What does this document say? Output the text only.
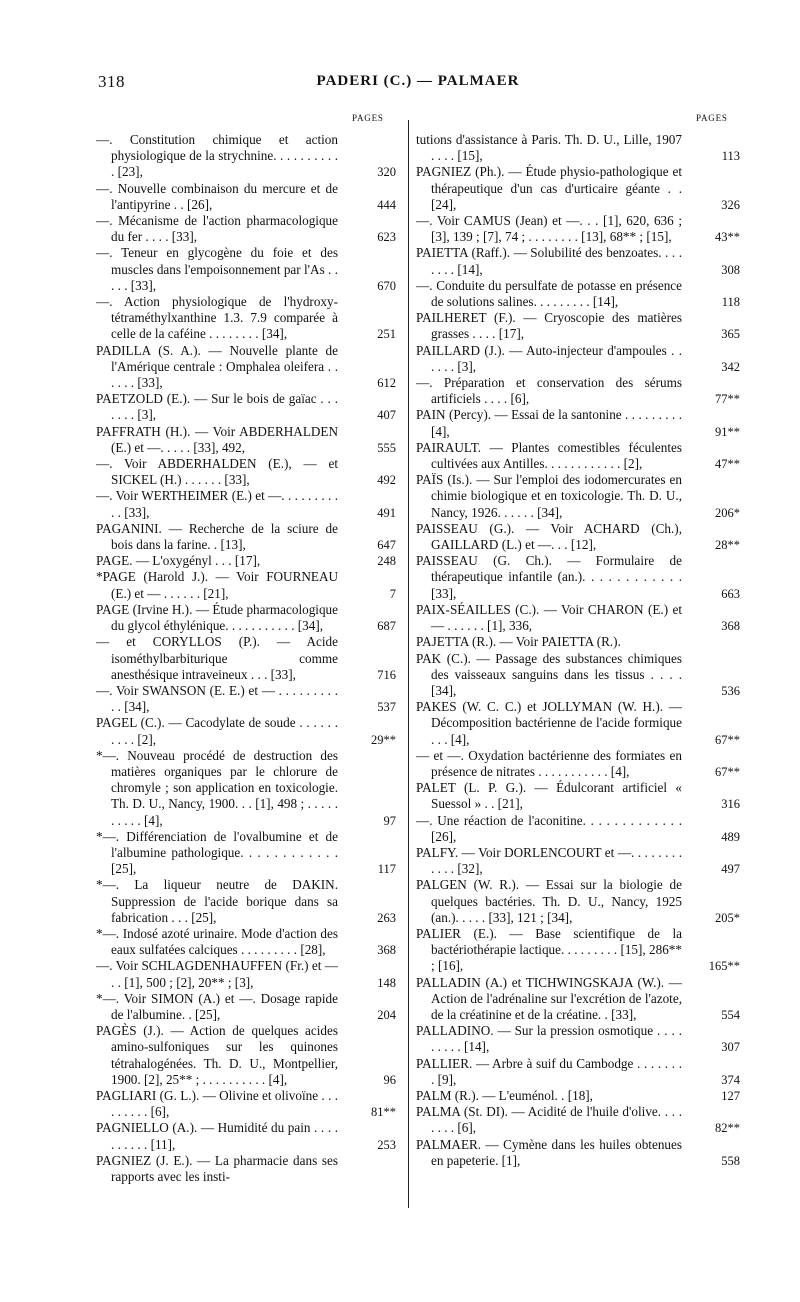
318	PADERI (C.) — PALMAER
PAGES	PAGES
—. Constitution chimique et action physiologique de la strychnine. . . . . . . . . . . [23],	320
—. Nouvelle combinaison du mercure et de l'antipyrine . . [26],	444
—. Mécanisme de l'action pharmacologique du fer . . . . [33],	623
—. Teneur en glycogène du foie et des muscles dans l'empoisonnement par l'As . . . . . [33],	670
—. Action physiologique de l'hydroxy-tétraméthylxanthine 1.3. 7.9 comparée à celle de la caféine . . . . . . . . [34],	251
PADILLA (S. A.). — Nouvelle plante de l'Amérique centrale : Omphalea oleifera . . . . . . [33],	612
PAETZOLD (E.). — Sur le bois de gaïac . . . . . . . [3],	407
PAFFRATH (H.). — Voir ABDERHALDEN (E.) et —. . . . . [33], 492,	555
—. Voir ABDERHALDEN (E.), — et SICKEL (H.) . . . . . . [33],	492
—. Voir WERTHEIMER (E.) et —. . . . . . . . . . . [33],	491
PAGANINI. — Recherche de la sciure de bois dans la farine. . [13],	647
PAGE. — L'oxygényl . . . [17],	248
*PAGE (Harold J.). — Voir FOURNEAU (E.) et — . . . . . . [21],	7
PAGE (Irvine H.). — Étude pharmacologique du glycol éthylénique. . . . . . . . . . . [34],	687
— et CORYLLOS (P.). — Acide isométhylbarbiturique comme anesthésique intraveineux . . . [33],	716
—. Voir SWANSON (E. E.) et — . . . . . . . . . . . [34],	537
PAGEL (C.). — Cacodylate de soude . . . . . . . . . . [2],	29**
*—. Nouveau procédé de destruction des matières organiques par le chlorure de chromyle ; son application en toxicologie. Th. D. U., Nancy, 1900. . . [1], 498 ; . . . . . . . . . . [4],	97
*—. Différenciation de l'ovalbumine et de l'albumine pathologique. . . . . . . . . . . . [25],	117
*—. La liqueur neutre de DAKIN. Suppression de l'acide borique dans sa fabrication . . . [25],	263
*—. Indosé azoté urinaire. Mode d'action des eaux sulfatées calciques . . . . . . . . . [28],	368
—. Voir SCHLAGDENHAUFFEN (Fr.) et — . . [1], 500 ; [2], 20** ; [3],	148
*—. Voir SIMON (A.) et —. Dosage rapide de l'albumine. . [25],	204
PAGÈS (J.). — Action de quelques acides amino-sulfoniques sur les quinones tétrahalogénées. Th. D. U., Montpellier, 1900. [2], 25** ; . . . . . . . . . . [4],	96
PAGLIARI (G. L.). — Olivine et olivoïne . . . . . . . . . [6],	81**
PAGNIELLO (A.). — Humidité du pain . . . . . . . . . . [11],	253
PAGNIEZ (J. E.). — La pharmacie dans ses rapports avec les insti-
tutions d'assistance à Paris. Th. D. U., Lille, 1907 . . . . [15],	113
PAGNIEZ (Ph.). — Étude physio-pathologique et thérapeutique d'un cas d'urticaire géante . . [24],	326
—. Voir CAMUS (Jean) et —. . . [1], 620, 636 ; [3], 139 ; [7], 74 ; . . . . . . . . [13], 68** ; [15],	43**
PAIETTA (Raff.). — Solubilité des benzoates. . . . . . . . [14],	308
—. Conduite du persulfate de potasse en présence de solutions salines. . . . . . . . . [14],	118
PAILHERET (F.). — Cryoscopie des matières grasses . . . . [17],	365
PAILLARD (J.). — Auto-injecteur d'ampoules . . . . . . [3],	342
—. Préparation et conservation des sérums artificiels . . . . [6],	77**
PAIN (Percy). — Essai de la santonine . . . . . . . . . [4],	91**
PAIRAULT. — Plantes comestibles féculentes cultivées aux Antilles. . . . . . . . . . . . [2],	47**
PAÏS (Is.). — Sur l'emploi des iodomercurates en chimie biologique et en toxicologie. Th. D. U., Nancy, 1926. . . . . . [34],	206*
PAISSEAU (G.). — Voir ACHARD (Ch.), GAILLARD (L.) et —. . . [12],	28**
PAISSEAU (G. Ch.). — Formulaire de thérapeutique infantile (an.). . . . . . . . . . . . [33],	663
PAIX-SÉAILLES (C.). — Voir CHARON (E.) et — . . . . . . [1], 336,	368
PAJETTA (R.). — Voir PAIETTA (R.).
PAK (C.). — Passage des substances chimiques des vaisseaux sanguins dans les tissus . . . . [34],	536
PAKES (W. C. C.) et JOLLYMAN (W. H.). — Décomposition bactérienne de l'acide formique . . . [4],	67**
— et —. Oxydation bactérienne des formiates en présence de nitrates . . . . . . . . . . . [4],	67**
PALET (L. P. G.). — Édulcorant artificiel « Suessol » . . [21],	316
—. Une réaction de l'aconitine. . . . . . . . . . . . . [26],	489
PALFY. — Voir DORLENCOURT et —. . . . . . . . . . . . [32],	497
PALGEN (W. R.). — Essai sur la biologie de quelques bactéries. Th. D. U., Nancy, 1925 (an.). . . . . [33], 121 ; [34],	205*
PALIER (E.). — Base scientifique de la bactériothérapie lactique. . . . . . . . . [15], 286** ; [16],	165**
PALLADIN (A.) et TICHWINGSKAJA (W.). — Action de l'adrénaline sur l'excrétion de l'azote, de la créatinine et de la créatine. . [33],	554
PALLADINO. — Sur la pression osmotique . . . . . . . . . [14],	307
PALLIER. — Arbre à suif du Cambodge . . . . . . . . [9],	374
PALM (R.). — L'euménol. . [18],	127
PALMA (St. DI). — Acidité de l'huile d'olive. . . . . . . . [6],	82**
PALMAER. — Cymène dans les huiles obtenues en papeterie. [1],	558
